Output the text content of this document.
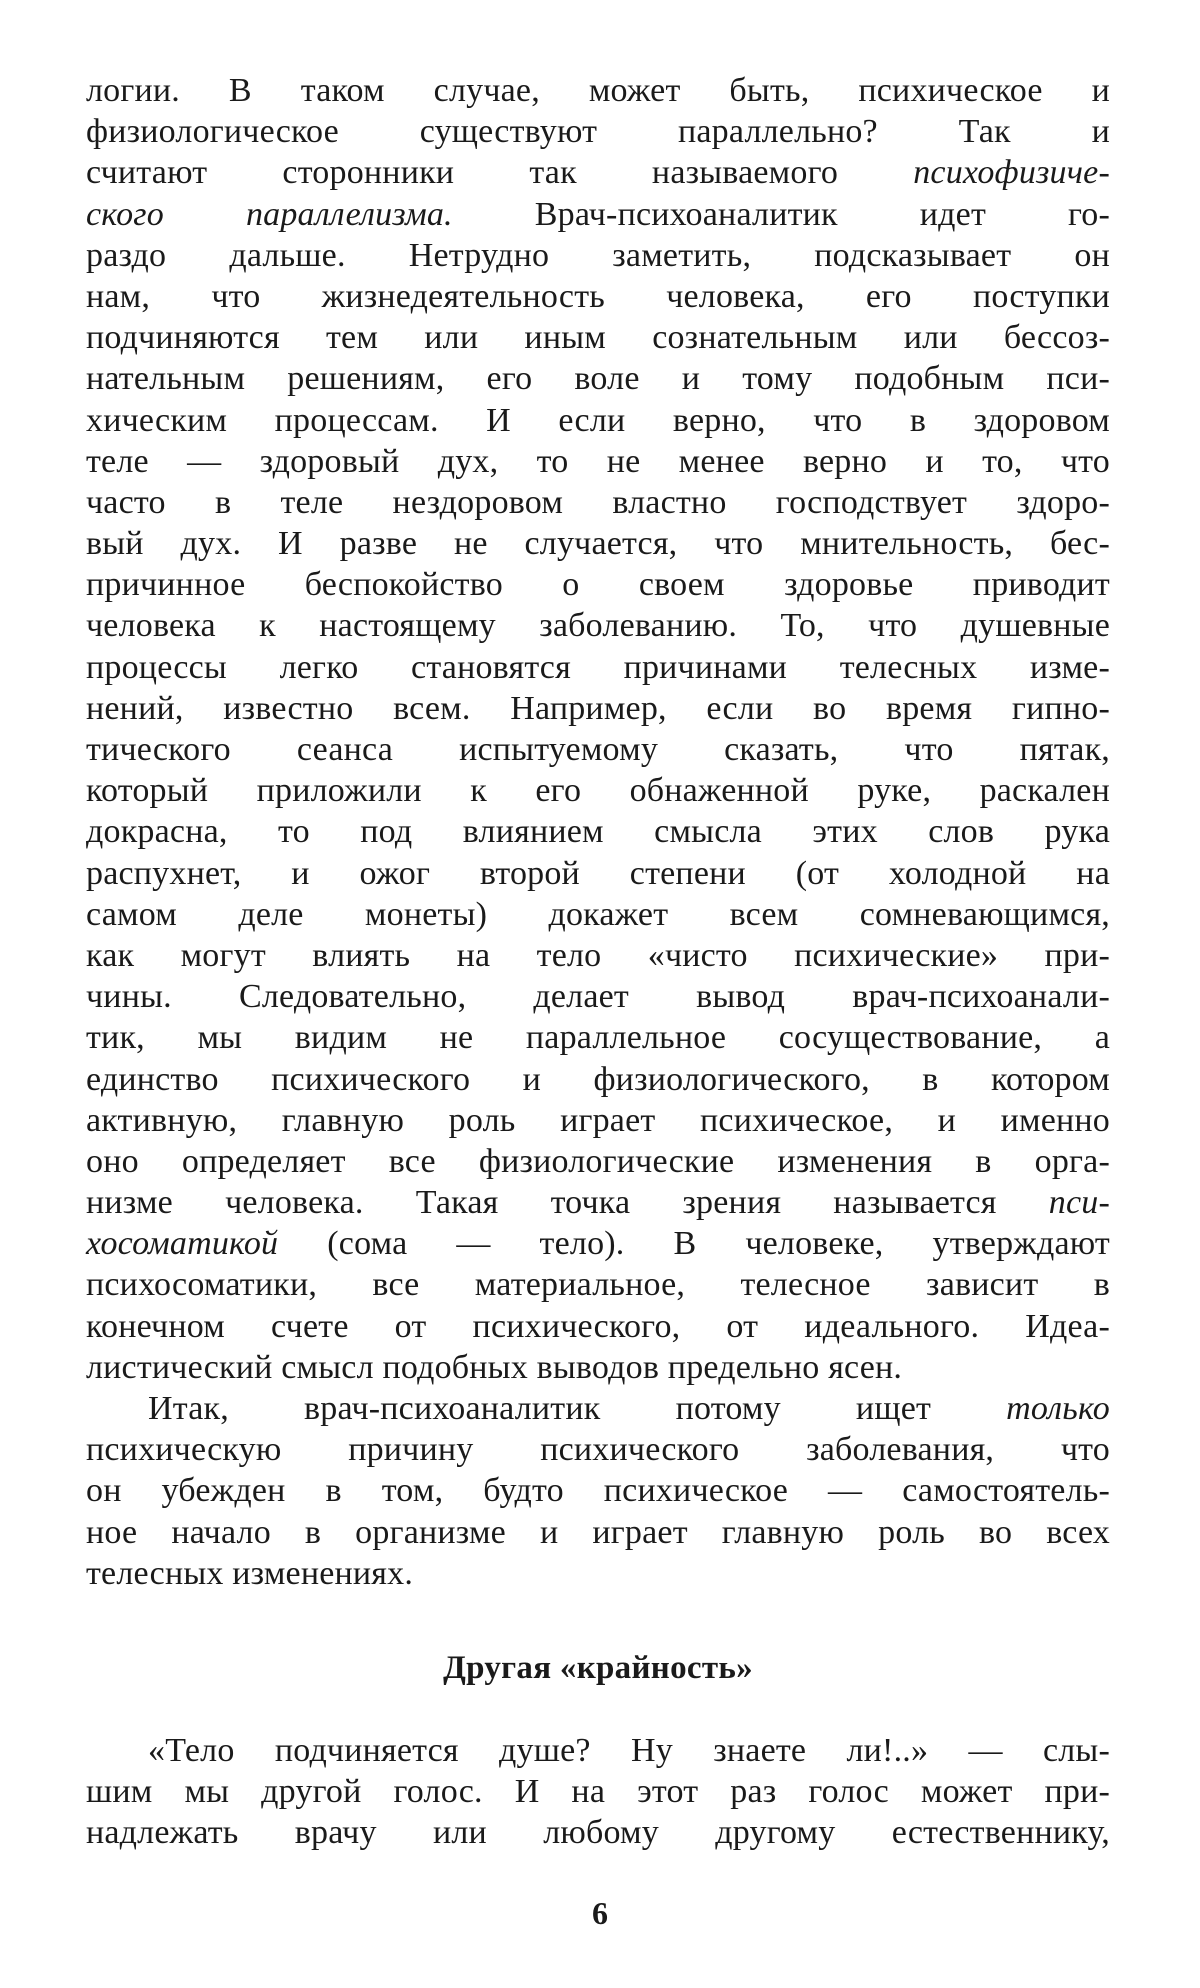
логии. В таком случае, может быть, психическое и
физиологическое существуют параллельно? Так и
считают сторонники так называемого психофизиче-
ского параллелизма. Врач-психоаналитик идет го-
раздо дальше. Нетрудно заметить, подсказывает он
нам, что жизнедеятельность человека, его поступки
подчиняются тем или иным сознательным или бессоз-
нательным решениям, его воле и тому подобным пси-
хическим процессам. И если верно, что в здоровом
теле — здоровый дух, то не менее верно и то, что
часто в теле нездоровом властно господствует здоро-
вый дух. И разве не случается, что мнительность, бес-
причинное беспокойство о своем здоровье приводит
человека к настоящему заболеванию. То, что душевные
процессы легко становятся причинами телесных изме-
нений, известно всем. Например, если во время гипно-
тического сеанса испытуемому сказать, что пятак,
который приложили к его обнаженной руке, раскален
докрасна, то под влиянием смысла этих слов рука
распухнет, и ожог второй степени (от холодной на
самом деле монеты) докажет всем сомневающимся,
как могут влиять на тело «чисто психические» при-
чины. Следовательно, делает вывод врач-психоанали-
тик, мы видим не параллельное сосуществование, а
единство психического и физиологического, в котором
активную, главную роль играет психическое, и именно
оно определяет все физиологические изменения в орга-
низме человека. Такая точка зрения называется пси-
хосоматикой (сома — тело). В человеке, утверждают
психосоматики, все материальное, телесное зависит в
конечном счете от психического, от идеального. Идеа-
листический смысл подобных выводов предельно ясен.
Итак, врач-психоаналитик потому ищет только
психическую причину психического заболевания, что
он убежден в том, будто психическое — самостоятель-
ное начало в организме и играет главную роль во всех
телесных изменениях.
Другая «крайность»
«Тело подчиняется душе? Ну знаете ли!..» — слы-
шим мы другой голос. И на этот раз голос может при-
надлежать врачу или любому другому естественнику,
6
